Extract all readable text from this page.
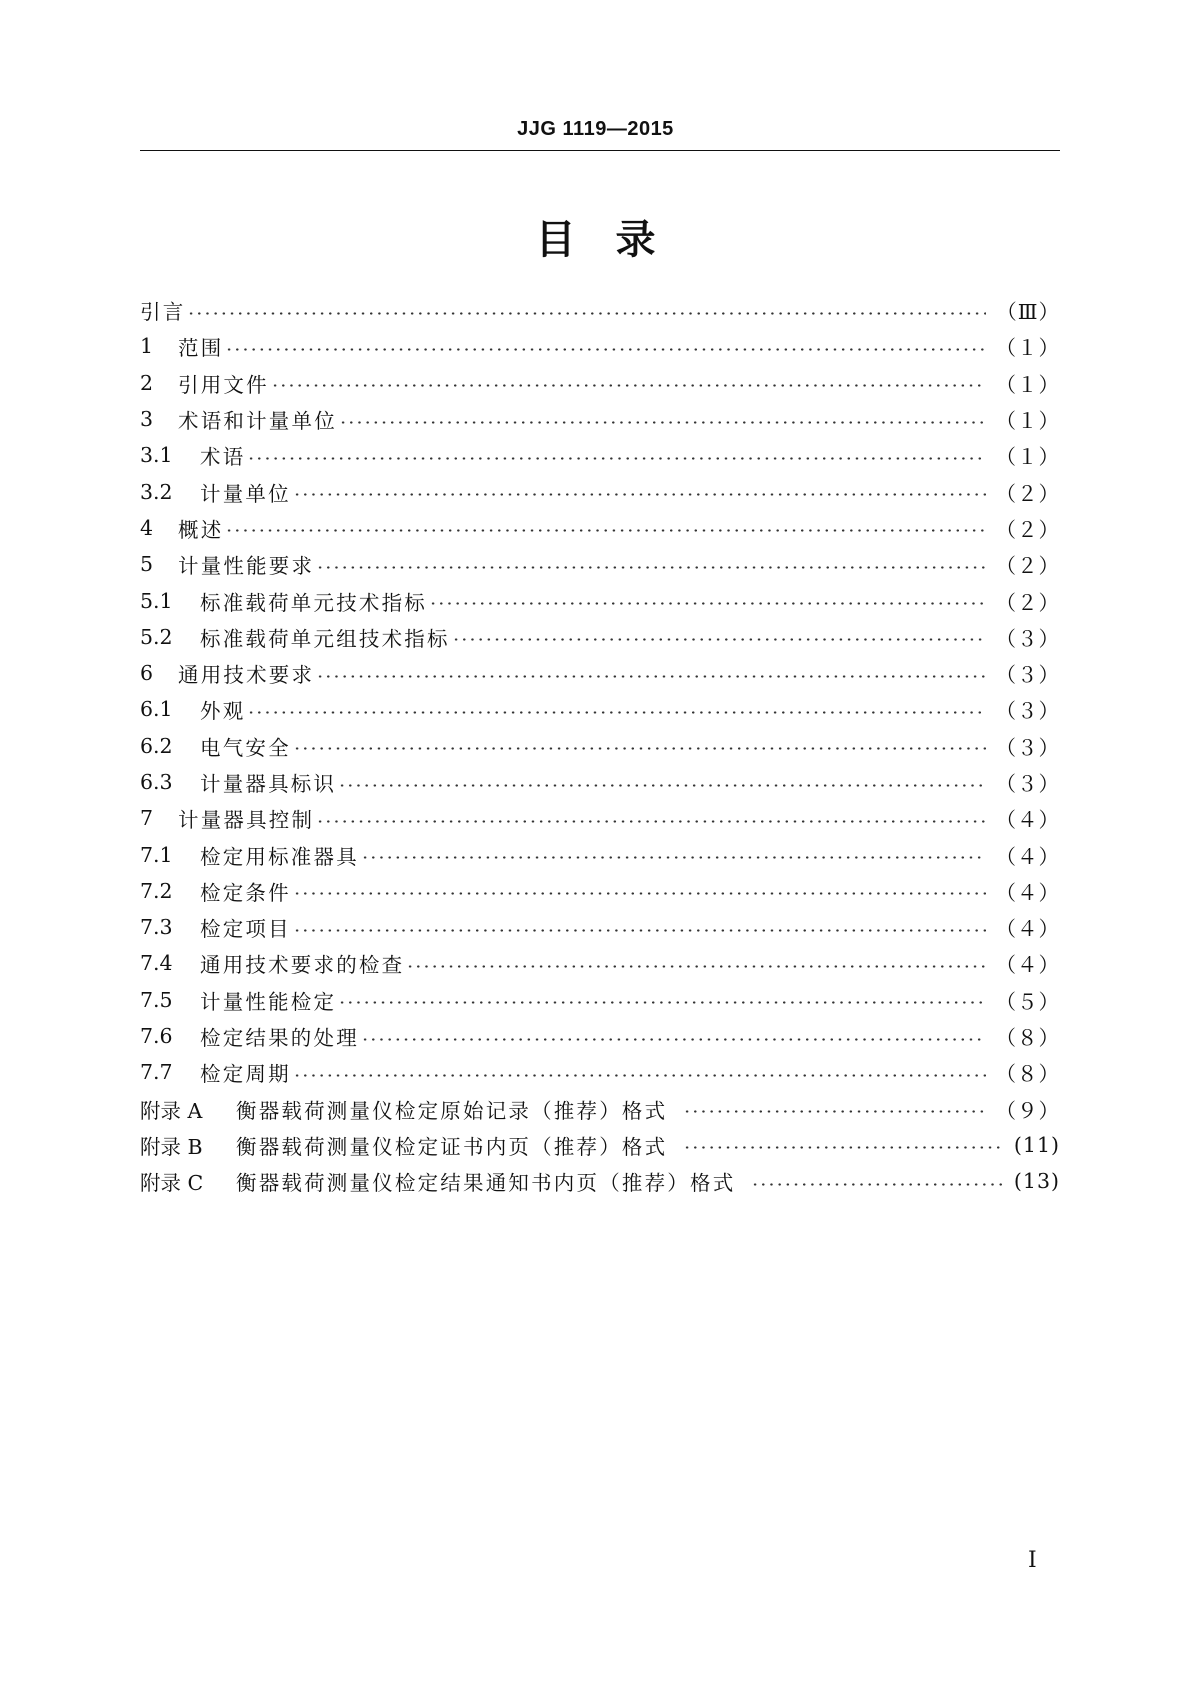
JJG 1119—2015
目　录
引言	（Ⅲ）
1	范围	（１）
2	引用文件	（１）
3	术语和计量单位	（１）
3.1	术语	（１）
3.2	计量单位	（２）
4	概述	（２）
5	计量性能要求	（２）
5.1	标准载荷单元技术指标	（２）
5.2	标准载荷单元组技术指标	（３）
6	通用技术要求	（３）
6.1	外观	（３）
6.2	电气安全	（３）
6.3	计量器具标识	（３）
7	计量器具控制	（４）
7.1	检定用标准器具	（４）
7.2	检定条件	（４）
7.3	检定项目	（４）
7.4	通用技术要求的检查	（４）
7.5	计量性能检定	（５）
7.6	检定结果的处理	（８）
7.7	检定周期	（８）
附录 A	衡器载荷测量仪检定原始记录（推荐）格式	（９）
附录 B	衡器载荷测量仪检定证书内页（推荐）格式	(11)
附录 C	衡器载荷测量仪检定结果通知书内页（推荐）格式	(13)
I
